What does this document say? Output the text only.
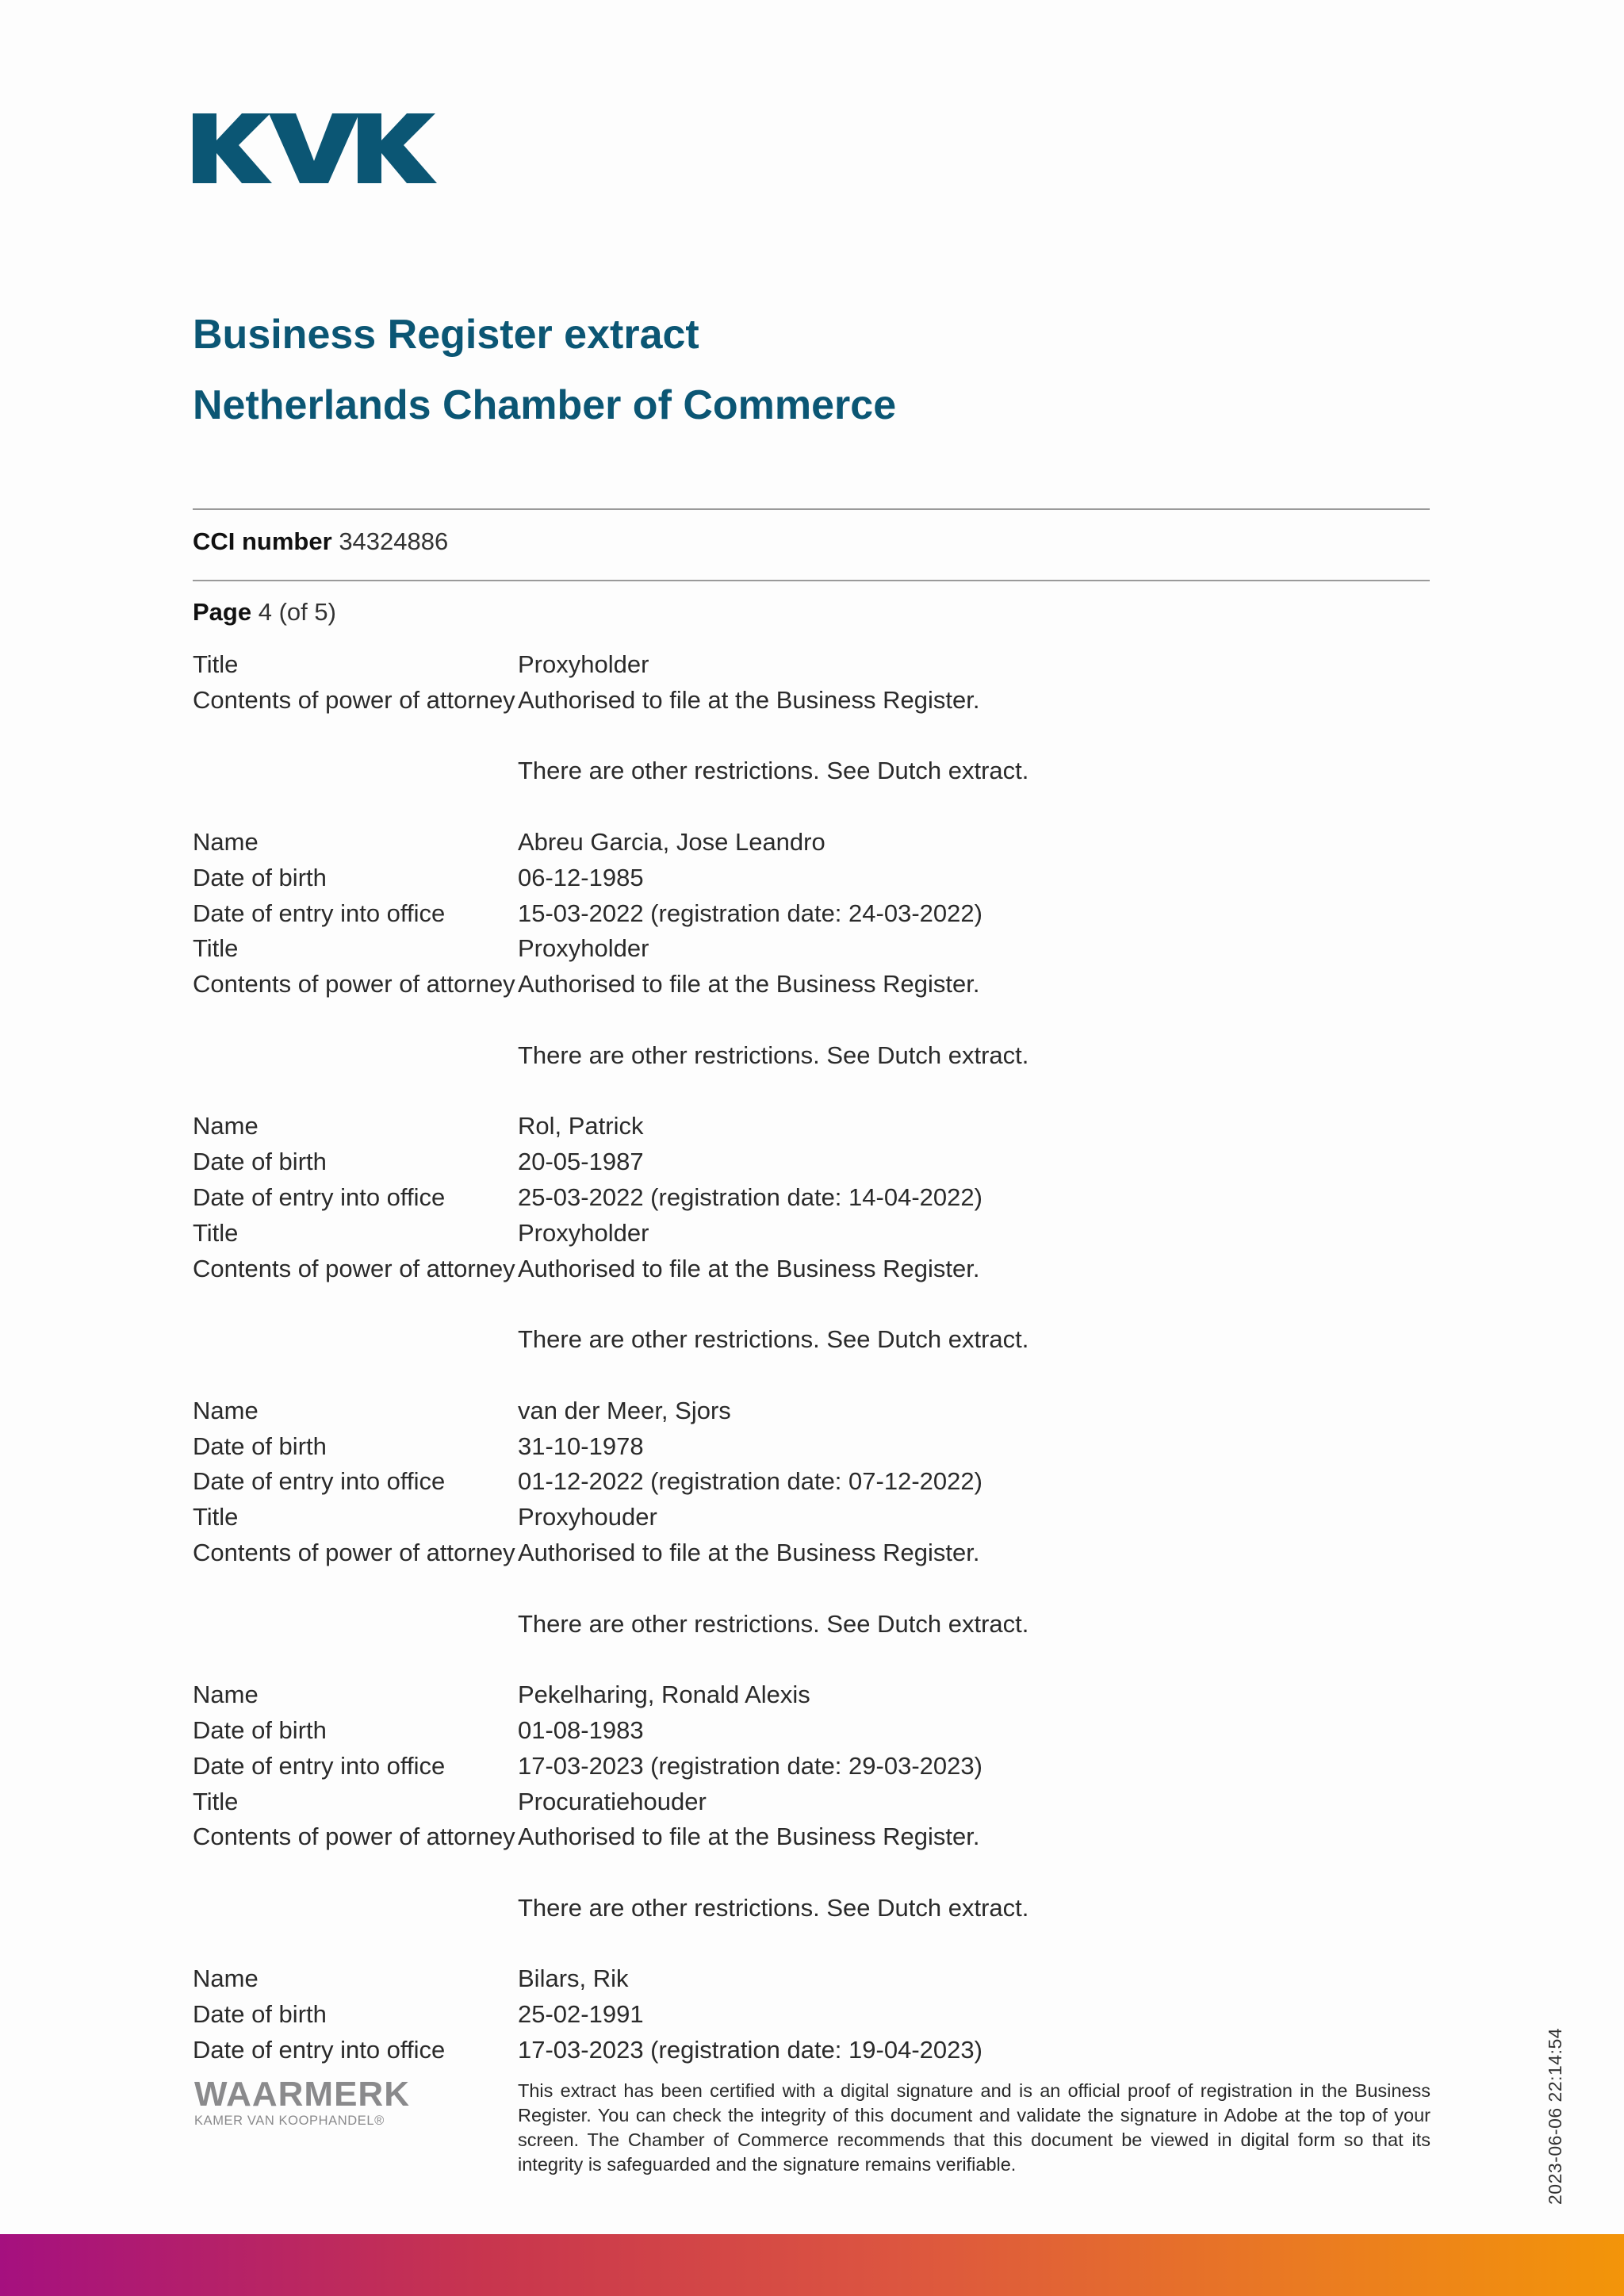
Business Register extract
Netherlands Chamber of Commerce
CCI number 34324886
Page 4 (of 5)
Title	Proxyholder
Contents of power of attorney Authorised to file at the Business Register.
There are other restrictions. See Dutch extract.
Name	Abreu Garcia, Jose Leandro
Date of birth	06-12-1985
Date of entry into office	15-03-2022 (registration date: 24-03-2022)
Title	Proxyholder
Contents of power of attorney Authorised to file at the Business Register.
There are other restrictions. See Dutch extract.
Name	Rol, Patrick
Date of birth	20-05-1987
Date of entry into office	25-03-2022 (registration date: 14-04-2022)
Title	Proxyholder
Contents of power of attorney Authorised to file at the Business Register.
There are other restrictions. See Dutch extract.
Name	van der Meer, Sjors
Date of birth	31-10-1978
Date of entry into office	01-12-2022 (registration date: 07-12-2022)
Title	Proxyhouder
Contents of power of attorney Authorised to file at the Business Register.
There are other restrictions. See Dutch extract.
Name	Pekelharing, Ronald Alexis
Date of birth	01-08-1983
Date of entry into office	17-03-2023 (registration date: 29-03-2023)
Title	Procuratiehouder
Contents of power of attorney Authorised to file at the Business Register.
There are other restrictions. See Dutch extract.
Name	Bilars, Rik
Date of birth	25-02-1991
Date of entry into office	17-03-2023 (registration date: 19-04-2023)
WAARMERK
KAMER VAN KOOPHANDEL®
This extract has been certified with a digital signature and is an official proof of registration in the Business Register. You can check the integrity of this document and validate the signature in Adobe at the top of your screen. The Chamber of Commerce recommends that this document be viewed in digital form so that its integrity is safeguarded and the signature remains verifiable.	2023-06-06 22:14:54
